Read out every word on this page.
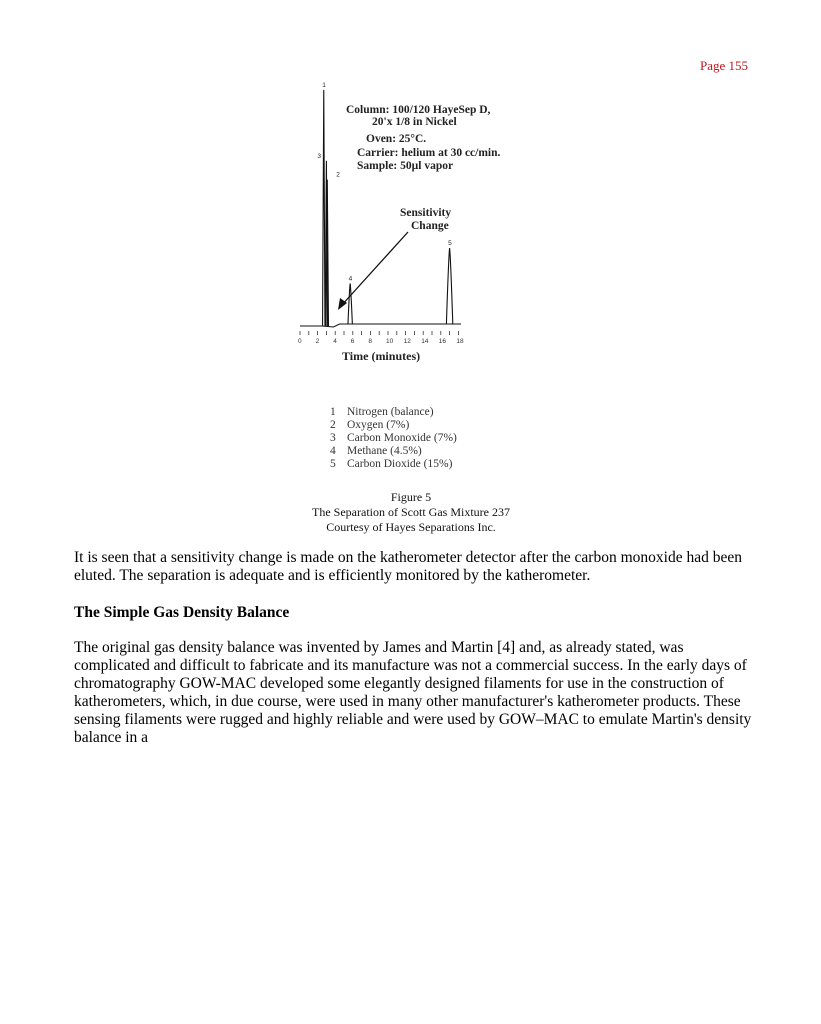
Page 155
Column: 100/120 HayeSep D,
20'x 1/8 in Nickel
Oven: 25°C.
Carrier: helium at 30 cc/min.
Sample: 50µl vapor
Sensitivity
Change
Time (minutes)
1
3
2
4
5
0 2 4 6 8 10 12 14 16 18
1 Nitrogen (balance)
2 Oxygen (7%)
3 Carbon Monoxide (7%)
4 Methane (4.5%)
5 Carbon Dioxide (15%)
Figure 5
The Separation of Scott Gas Mixture 237
Courtesy of Hayes Separations Inc.

It is seen that a sensitivity change is made on the katherometer detector after the carbon monoxide had been eluted. The separation is adequate and is efficiently monitored by the katherometer.

The Simple Gas Density Balance

The original gas density balance was invented by James and Martin [4] and, as already stated, was complicated and difficult to fabricate and its manufacture was not a commercial success. In the early days of chromatography GOW-MAC developed some elegantly designed filaments for use in the construction of katherometers, which, in due course, were used in many other manufacturer's katherometer products. These sensing filaments were rugged and highly reliable and were used by GOW–MAC to emulate Martin's density balance in a
